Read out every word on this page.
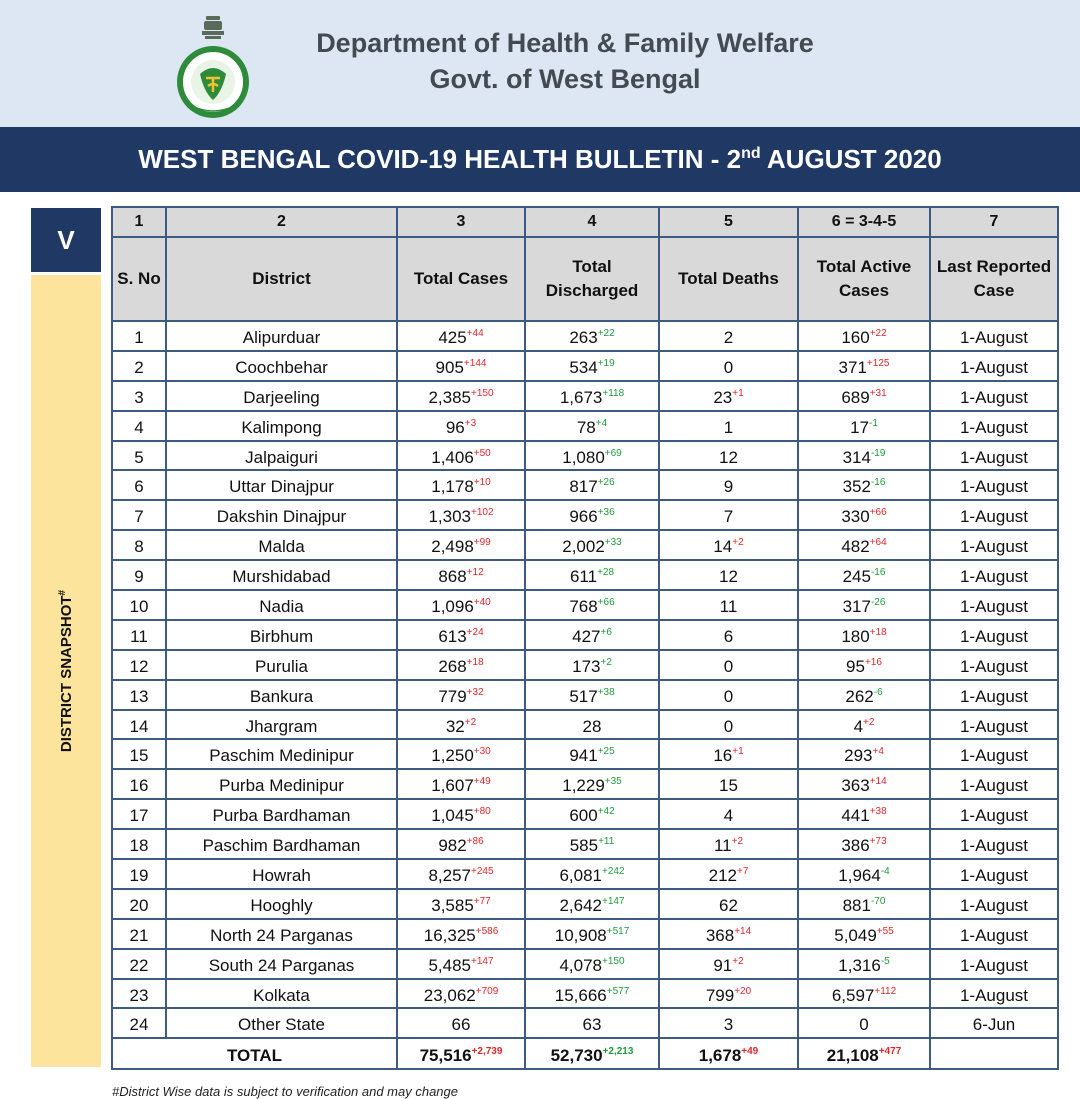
Department of Health & Family Welfare
Govt. of West Bengal
WEST BENGAL COVID-19 HEALTH BULLETIN - 2nd AUGUST 2020
V
DISTRICT SNAPSHOT#
1	2	3	4	5	6 = 3-4-5	7
S. No	District	Total Cases	Total Discharged	Total Deaths	Total Active Cases	Last Reported Case
1	Alipurduar	$425^{+44}$	$263^{+22}$	2	$160^{+22}$	1-August
2	Coochbehar	$905^{+144}$	$534^{+19}$	0	$371^{+125}$	1-August
3	Darjeeling	$2,385^{+150}$	$1,673^{+118}$	$23^{+1}$	$689^{+31}$	1-August
4	Kalimpong	$96^{+3}$	$78^{+4}$	1	$17^{-1}$	1-August
5	Jalpaiguri	$1,406^{+50}$	$1,080^{+69}$	12	$314^{-19}$	1-August
6	Uttar Dinajpur	$1,178^{+10}$	$817^{+26}$	9	$352^{-16}$	1-August
7	Dakshin Dinajpur	$1,303^{+102}$	$966^{+36}$	7	$330^{+66}$	1-August
8	Malda	$2,498^{+99}$	$2,002^{+33}$	$14^{+2}$	$482^{+64}$	1-August
9	Murshidabad	$868^{+12}$	$611^{+28}$	12	$245^{-16}$	1-August
10	Nadia	$1,096^{+40}$	$768^{+66}$	11	$317^{-26}$	1-August
11	Birbhum	$613^{+24}$	$427^{+6}$	6	$180^{+18}$	1-August
12	Purulia	$268^{+18}$	$173^{+2}$	0	$95^{+16}$	1-August
13	Bankura	$779^{+32}$	$517^{+38}$	0	$262^{-6}$	1-August
14	Jhargram	$32^{+2}$	28	0	$4^{+2}$	1-August
15	Paschim Medinipur	$1,250^{+30}$	$941^{+25}$	$16^{+1}$	$293^{+4}$	1-August
16	Purba Medinipur	$1,607^{+49}$	$1,229^{+35}$	15	$363^{+14}$	1-August
17	Purba Bardhaman	$1,045^{+80}$	$600^{+42}$	4	$441^{+38}$	1-August
18	Paschim Bardhaman	$982^{+86}$	$585^{+11}$	$11^{+2}$	$386^{+73}$	1-August
19	Howrah	$8,257^{+245}$	$6,081^{+242}$	$212^{+7}$	$1,964^{-4}$	1-August
20	Hooghly	$3,585^{+77}$	$2,642^{+147}$	62	$881^{-70}$	1-August
21	North 24 Parganas	$16,325^{+586}$	$10,908^{+517}$	$368^{+14}$	$5,049^{+55}$	1-August
22	South 24 Parganas	$5,485^{+147}$	$4,078^{+150}$	$91^{+2}$	$1,316^{-5}$	1-August
23	Kolkata	$23,062^{+709}$	$15,666^{+577}$	$799^{+20}$	$6,597^{+112}$	1-August
24	Other State	66	63	3	0	6-Jun
TOTAL		$75,516^{+2,739}$	$52,730^{+2,213}$	$1,678^{+49}$	$21,108^{+477}$	
#District Wise data is subject to verification and may change
